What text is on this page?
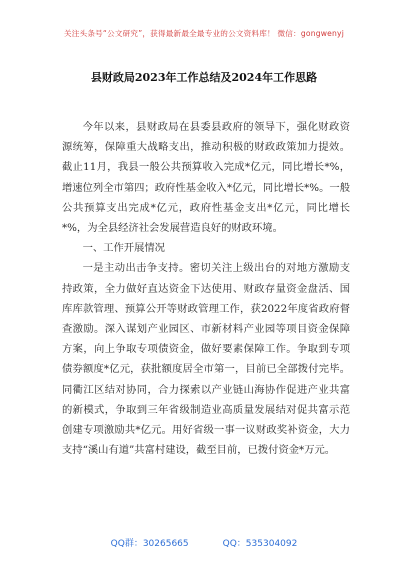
关注头条号“公文研究”，获得最新最全最专业的公文资料库！ 微信：gongwenyj
县财政局2023年工作总结及2024年工作思路

今年以来，县财政局在县委县政府的领导下，强化财政资源统筹，保障重大战略支出，推动积极的财政政策加力提效。截止11月，我县一般公共预算收入完成*亿元，同比增长*%，增速位列全市第四；政府性基金收入*亿元，同比增长*%。一般公共预算支出完成*亿元，政府性基金支出*亿元，同比增长*%，为全县经济社会发展营造良好的财政环境。

一、工作开展情况

一是主动出击争支持。密切关注上级出台的对地方激励支持政策，全力做好直达资金下达使用、财政存量资金盘活、国库库款管理、预算公开等财政管理工作，获2022年度省政府督查激励。深入谋划产业园区、市新材料产业园等项目资金保障方案，向上争取专项债资金，做好要素保障工作。争取到专项债券额度*亿元，获批额度居全市第一，目前已全部拨付完毕。同衢江区结对协同，合力探索以产业链山海协作促进产业共富的新模式，争取到三年省级制造业高质量发展结对促共富示范创建专项激励共*亿元。用好省级一事一议财政奖补资金，大力支持“溪山有道”共富村建设，截至目前，已拨付资金*万元。

QQ群：30265665	QQ：535304092
